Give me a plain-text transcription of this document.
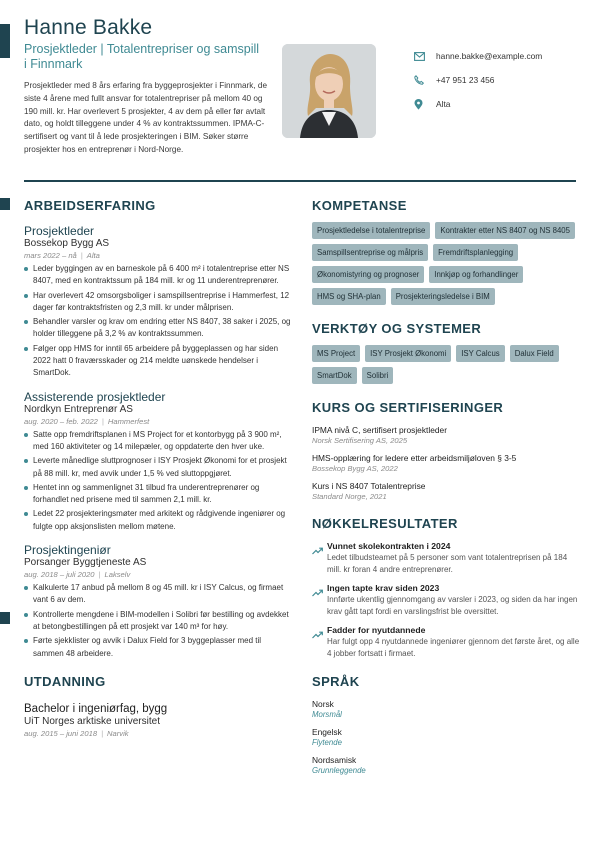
Hanne Bakke
Prosjektleder | Totalentrepriser og samspill i Finnmark
Prosjektleder med 8 års erfaring fra byggeprosjekter i Finnmark, de siste 4 årene med fullt ansvar for totalentrepriser på mellom 40 og 190 mill. kr. Har overlevert 5 prosjekter, 4 av dem på eller før avtalt dato, og holdt tilleggene under 4 % av kontraktssummen. IPMA-C-sertifisert og vant til å lede prosjekteringen i BIM. Søker større prosjekter hos en entreprenør i Nord-Norge.
hanne.bakke@example.com
+47 951 23 456
Alta
ARBEIDSERFARING
Prosjektleder
Bossekop Bygg AS
mars 2022 – nå | Alta
Leder byggingen av en barneskole på 6 400 m² i totalentreprise etter NS 8407, med en kontraktssum på 184 mill. kr og 11 underentreprenører.
Har overlevert 42 omsorgsboliger i samspillsentreprise i Hammerfest, 12 dager før kontraktsfristen og 2,3 mill. kr under målprisen.
Behandler varsler og krav om endring etter NS 8407, 38 saker i 2025, og holder tilleggene på 3,2 % av kontraktssummen.
Følger opp HMS for inntil 65 arbeidere på byggeplassen og har siden 2022 hatt 0 fraværsskader og 214 meldte uønskede hendelser i SmartDok.
Assisterende prosjektleder
Nordkyn Entreprenør AS
aug. 2020 – feb. 2022 | Hammerfest
Satte opp fremdriftsplanen i MS Project for et kontorbygg på 3 900 m², med 160 aktiviteter og 14 milepæler, og oppdaterte den hver uke.
Leverte månedlige sluttprognoser i ISY Prosjekt Økonomi for et prosjekt på 88 mill. kr, med avvik under 1,5 % ved sluttoppgjøret.
Hentet inn og sammenlignet 31 tilbud fra underentreprenører og forhandlet ned prisene med til sammen 2,1 mill. kr.
Ledet 22 prosjekteringsmøter med arkitekt og rådgivende ingeniører og fulgte opp aksjonslisten mellom møtene.
Prosjektingeniør
Porsanger Byggtjeneste AS
aug. 2018 – juli 2020 | Lakselv
Kalkulerte 17 anbud på mellom 8 og 45 mill. kr i ISY Calcus, og firmaet vant 6 av dem.
Kontrollerte mengdene i BIM-modellen i Solibri før bestilling og avdekket at betongbestillingen på ett prosjekt var 140 m³ for høy.
Førte sjekklister og avvik i Dalux Field for 3 byggeplasser med til sammen 48 arbeidere.
UTDANNING
Bachelor i ingeniørfag, bygg
UiT Norges arktiske universitet
aug. 2015 – juni 2018 | Narvik
KOMPETANSE
Prosjektledelse i totalentreprise	Kontrakter etter NS 8407 og NS 8405
Samspillsentreprise og målpris	Fremdriftsplanlegging
Økonomistyring og prognoser	Innkjøp og forhandlinger
HMS og SHA-plan	Prosjekteringsledelse i BIM
VERKTØY OG SYSTEMER
MS Project	ISY Prosjekt Økonomi	ISY Calcus	Dalux Field
SmartDok	Solibri
KURS OG SERTIFISERINGER
IPMA nivå C, sertifisert prosjektleder
Norsk Sertifisering AS, 2025
HMS-opplæring for ledere etter arbeidsmiljøloven § 3-5
Bossekop Bygg AS, 2022
Kurs i NS 8407 Totalentreprise
Standard Norge, 2021
NØKKELRESULTATER
Vunnet skolekontrakten i 2024
Ledet tilbudsteamet på 5 personer som vant totalentreprisen på 184 mill. kr foran 4 andre entreprenører.
Ingen tapte krav siden 2023
Innførte ukentlig gjennomgang av varsler i 2023, og siden da har ingen krav gått tapt fordi en varslingsfrist ble oversittet.
Fadder for nyutdannede
Har fulgt opp 4 nyutdannede ingeniører gjennom det første året, og alle 4 jobber fortsatt i firmaet.
SPRÅK
Norsk
Morsmål
Engelsk
Flytende
Nordsamisk
Grunnleggende
